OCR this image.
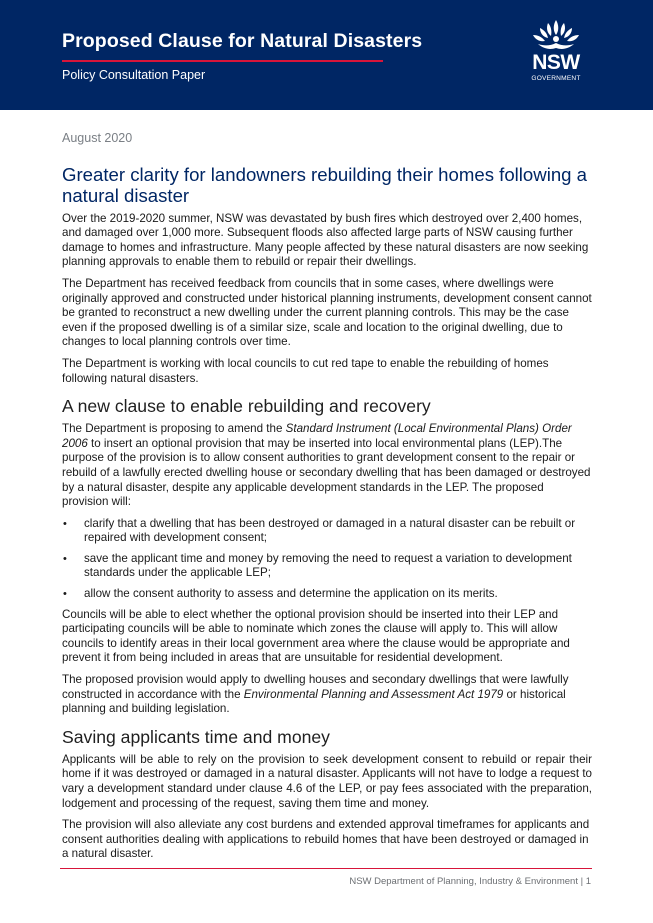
Proposed Clause for Natural Disasters

Policy Consultation Paper

NSW
GOVERNMENT

August 2020

Greater clarity for landowners rebuilding their homes following a natural disaster

Over the 2019-2020 summer, NSW was devastated by bush fires which destroyed over 2,400 homes, and damaged over 1,000 more. Subsequent floods also affected large parts of NSW causing further damage to homes and infrastructure. Many people affected by these natural disasters are now seeking planning approvals to enable them to rebuild or repair their dwellings.

The Department has received feedback from councils that in some cases, where dwellings were originally approved and constructed under historical planning instruments, development consent cannot be granted to reconstruct a new dwelling under the current planning controls. This may be the case even if the proposed dwelling is of a similar size, scale and location to the original dwelling, due to changes to local planning controls over time.

The Department is working with local councils to cut red tape to enable the rebuilding of homes following natural disasters.

A new clause to enable rebuilding and recovery

The Department is proposing to amend the Standard Instrument (Local Environmental Plans) Order 2006 to insert an optional provision that may be inserted into local environmental plans (LEP).The purpose of the provision is to allow consent authorities to grant development consent to the repair or rebuild of a lawfully erected dwelling house or secondary dwelling that has been damaged or destroyed by a natural disaster, despite any applicable development standards in the LEP. The proposed provision will:

• clarify that a dwelling that has been destroyed or damaged in a natural disaster can be rebuilt or repaired with development consent;
• save the applicant time and money by removing the need to request a variation to development standards under the applicable LEP;
• allow the consent authority to assess and determine the application on its merits.

Councils will be able to elect whether the optional provision should be inserted into their LEP and participating councils will be able to nominate which zones the clause will apply to. This will allow councils to identify areas in their local government area where the clause would be appropriate and prevent it from being included in areas that are unsuitable for residential development.

The proposed provision would apply to dwelling houses and secondary dwellings that were lawfully constructed in accordance with the Environmental Planning and Assessment Act 1979 or historical planning and building legislation.

Saving applicants time and money

Applicants will be able to rely on the provision to seek development consent to rebuild or repair their home if it was destroyed or damaged in a natural disaster. Applicants will not have to lodge a request to vary a development standard under clause 4.6 of the LEP, or pay fees associated with the preparation, lodgement and processing of the request, saving them time and money.

The provision will also alleviate any cost burdens and extended approval timeframes for applicants and consent authorities dealing with applications to rebuild homes that have been destroyed or damaged in a natural disaster.

NSW Department of Planning, Industry & Environment | 1
